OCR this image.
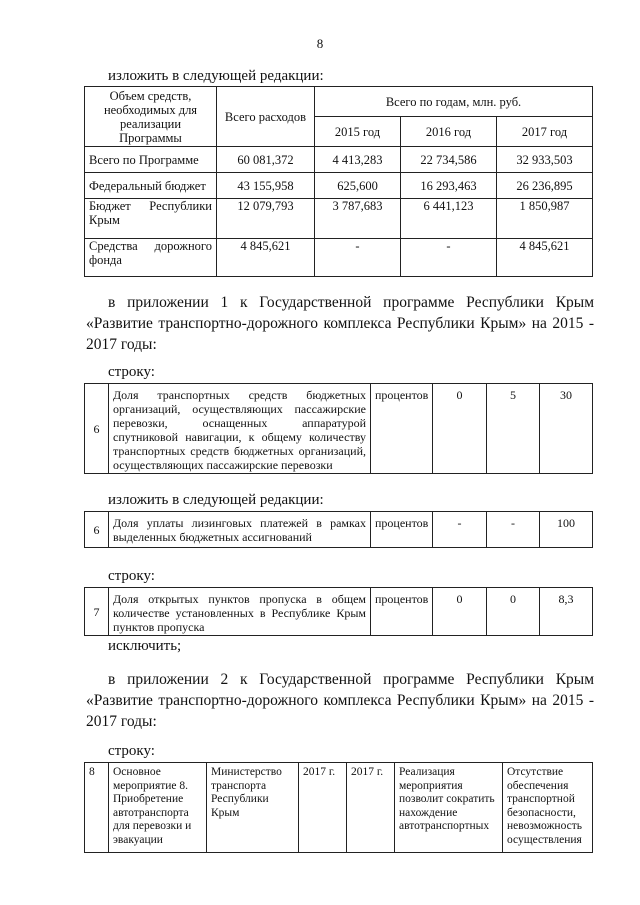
8
изложить в следующей редакции:
Объем средств, необходимых для реализации Программы	Всего расходов	Всего по годам, млн. руб.		
		2015 год	2016 год	2017 год
Всего по Программе	60 081,372	4 413,283	22 734,586	32 933,503
Федеральный бюджет	43 155,958	625,600	16 293,463	26 236,895
Бюджет Республики Крым	12 079,793	3 787,683	6 441,123	1 850,987
Средства дорожного фонда	4 845,621	-	-	4 845,621
в приложении 1 к Государственной программе Республики Крым «Развитие транспортно-дорожного комплекса Республики Крым» на 2015 - 2017 годы:
строку:
6	Доля транспортных средств бюджетных организаций, осуществляющих пассажирские перевозки, оснащенных аппаратурой спутниковой навигации, к общему количеству транспортных средств бюджетных организаций, осуществляющих пассажирские перевозки	процентов	0	5	30
изложить в следующей редакции:
6	Доля уплаты лизинговых платежей в рамках выделенных бюджетных ассигнований	процентов	-	-	100
строку:
7	Доля открытых пунктов пропуска в общем количестве установленных в Республике Крым пунктов пропуска	процентов	0	0	8,3
исключить;
в приложении 2 к Государственной программе Республики Крым «Развитие транспортно-дорожного комплекса Республики Крым» на 2015 - 2017 годы:
строку:
8	Основное мероприятие 8. Приобретение автотранспорта для перевозки и эвакуации	Министерство транспорта Республики Крым	2017 г.	2017 г.	Реализация мероприятия позволит сократить нахождение автотранспортных	Отсутствие обеспечения транспортной безопасности, невозможность осуществления
